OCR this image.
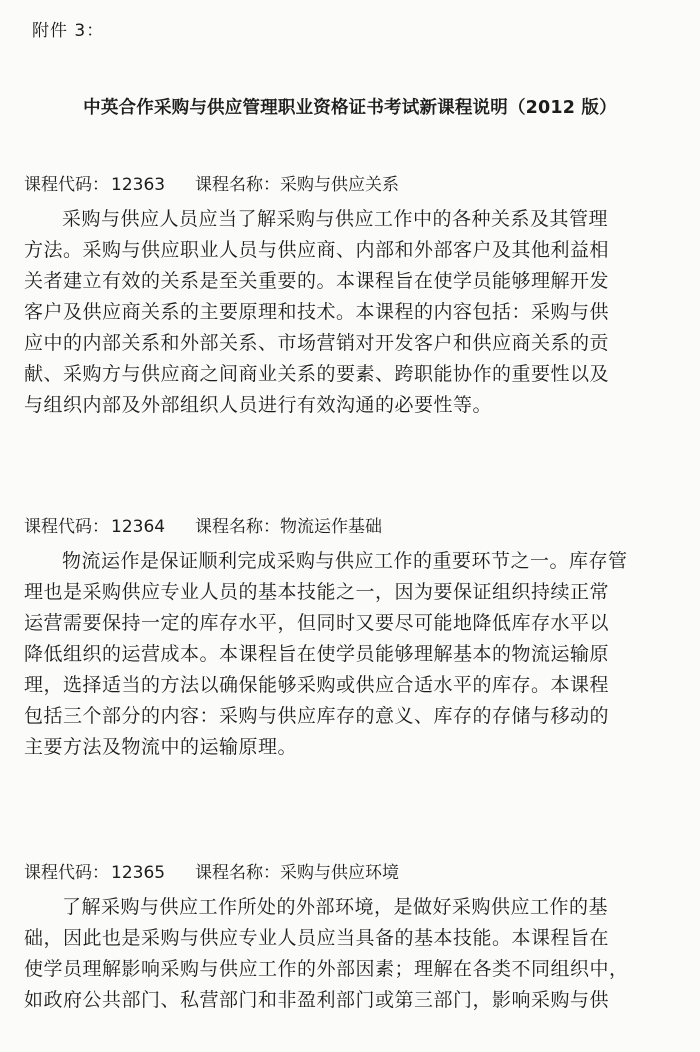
附件 3：
中英合作采购与供应管理职业资格证书考试新课程说明（2012 版）
课程代码： 12363 课程名称：采购与供应关系
采购与供应人员应当了解采购与供应工作中的各种关系及其管理
方法。采购与供应职业人员与供应商、内部和外部客户及其他利益相
关者建立有效的关系是至关重要的。本课程旨在使学员能够理解开发
客户及供应商关系的主要原理和技术。本课程的内容包括：采购与供
应中的内部关系和外部关系、市场营销对开发客户和供应商关系的贡
献、采购方与供应商之间商业关系的要素、跨职能协作的重要性以及
与组织内部及外部组织人员进行有效沟通的必要性等。
课程代码： 12364 课程名称：物流运作基础
物流运作是保证顺利完成采购与供应工作的重要环节之一。库存管
理也是采购供应专业人员的基本技能之一，因为要保证组织持续正常
运营需要保持一定的库存水平，但同时又要尽可能地降低库存水平以
降低组织的运营成本。本课程旨在使学员能够理解基本的物流运输原
理，选择适当的方法以确保能够采购或供应合适水平的库存。本课程
包括三个部分的内容：采购与供应库存的意义、库存的存储与移动的
主要方法及物流中的运输原理。
课程代码： 12365 课程名称：采购与供应环境
了解采购与供应工作所处的外部环境，是做好采购供应工作的基
础，因此也是采购与供应专业人员应当具备的基本技能。本课程旨在
使学员理解影响采购与供应工作的外部因素；理解在各类不同组织中，
如政府公共部门、私营部门和非盈利部门或第三部门，影响采购与供
